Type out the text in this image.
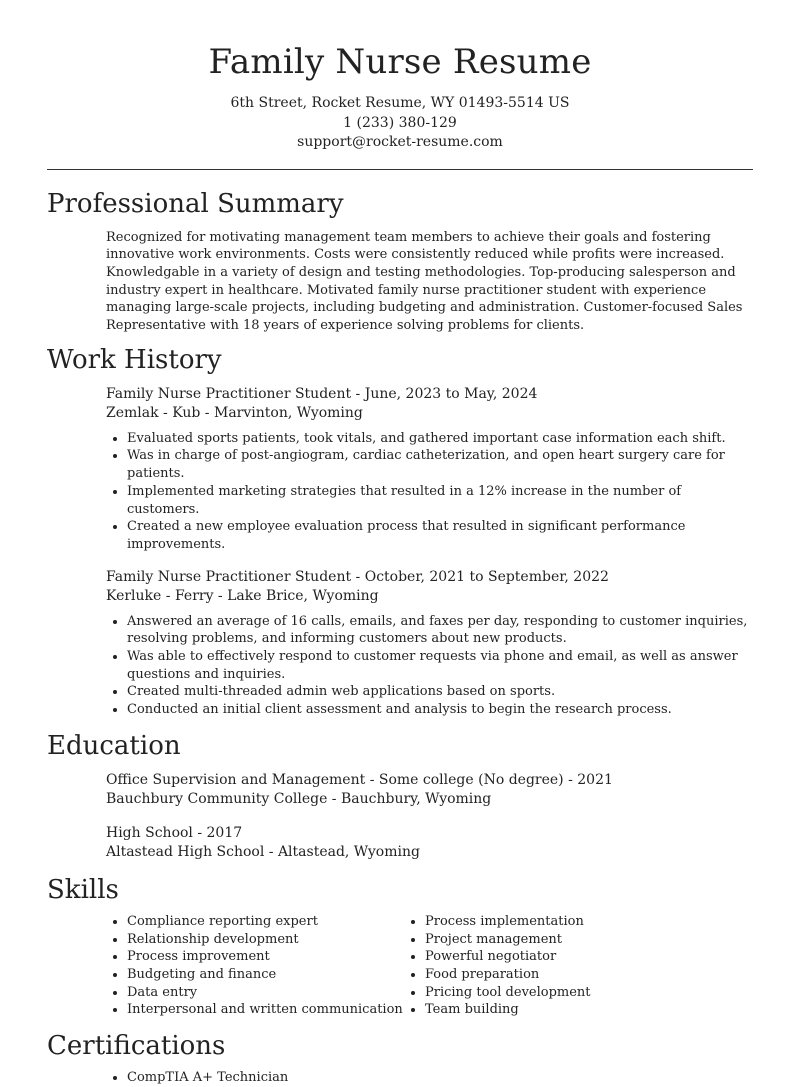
Family Nurse Resume
6th Street, Rocket Resume, WY 01493-5514 US
1 (233) 380-129
support@rocket-resume.com
Professional Summary
Recognized for motivating management team members to achieve their goals and fostering innovative work environments. Costs were consistently reduced while profits were increased. Knowledgable in a variety of design and testing methodologies. Top-producing salesperson and industry expert in healthcare. Motivated family nurse practitioner student with experience managing large-scale projects, including budgeting and administration. Customer-focused Sales Representative with 18 years of experience solving problems for clients.
Work History
Family Nurse Practitioner Student - June, 2023 to May, 2024
Zemlak - Kub - Marvinton, Wyoming
• Evaluated sports patients, took vitals, and gathered important case information each shift.
• Was in charge of post-angiogram, cardiac catheterization, and open heart surgery care for patients.
• Implemented marketing strategies that resulted in a 12% increase in the number of customers.
• Created a new employee evaluation process that resulted in significant performance improvements.
Family Nurse Practitioner Student - October, 2021 to September, 2022
Kerluke - Ferry - Lake Brice, Wyoming
• Answered an average of 16 calls, emails, and faxes per day, responding to customer inquiries, resolving problems, and informing customers about new products.
• Was able to effectively respond to customer requests via phone and email, as well as answer questions and inquiries.
• Created multi-threaded admin web applications based on sports.
• Conducted an initial client assessment and analysis to begin the research process.
Education
Office Supervision and Management - Some college (No degree) - 2021
Bauchbury Community College - Bauchbury, Wyoming
High School - 2017
Altastead High School - Altastead, Wyoming
Skills
• Compliance reporting expert
• Relationship development
• Process improvement
• Budgeting and finance
• Data entry
• Interpersonal and written communication
• Process implementation
• Project management
• Powerful negotiator
• Food preparation
• Pricing tool development
• Team building
Certifications
• CompTIA A+ Technician
